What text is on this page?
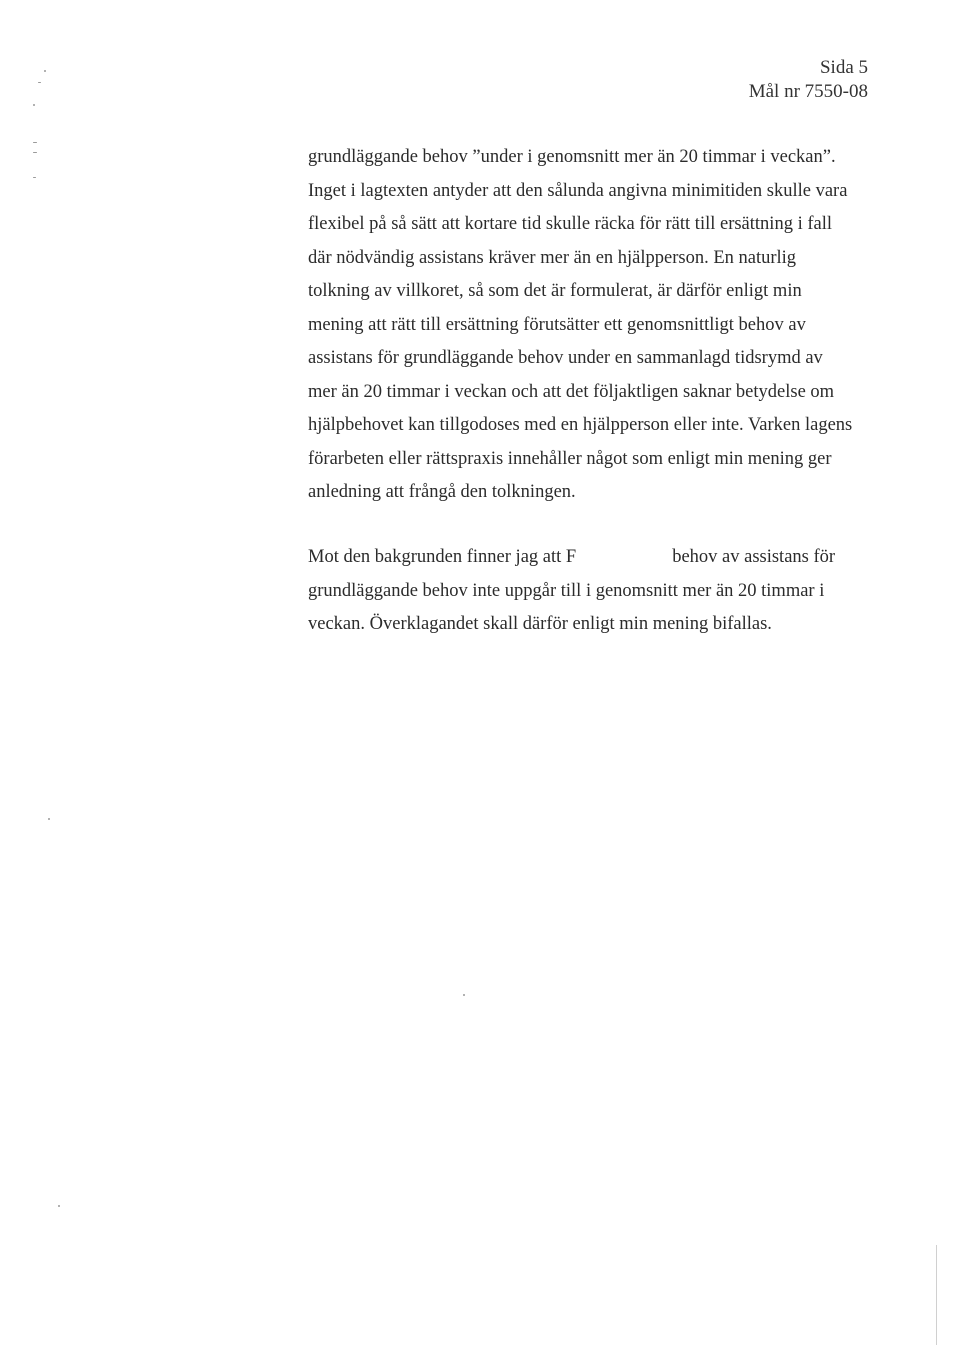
Sida 5
Mål nr 7550-08
grundläggande behov ”under i genomsnitt mer än 20 timmar i veckan”.
Inget i lagtexten antyder att den sålunda angivna minimitiden skulle vara
flexibel på så sätt att kortare tid skulle räcka för rätt till ersättning i fall
där nödvändig assistans kräver mer än en hjälpperson. En naturlig
tolkning av villkoret, så som det är formulerat, är därför enligt min
mening att rätt till ersättning förutsätter ett genomsnittligt behov av
assistans för grundläggande behov under en sammanlagd tidsrymd av
mer än 20 timmar i veckan och att det följaktligen saknar betydelse om
hjälpbehovet kan tillgodoses med en hjälpperson eller inte. Varken lagens
förarbeten eller rättspraxis innehåller något som enligt min mening ger
anledning att frångå den tolkningen.
Mot den bakgrunden finner jag att F	behov av assistans för
grundläggande behov inte uppgår till i genomsnitt mer än 20 timmar i
veckan. Överklagandet skall därför enligt min mening bifallas.
